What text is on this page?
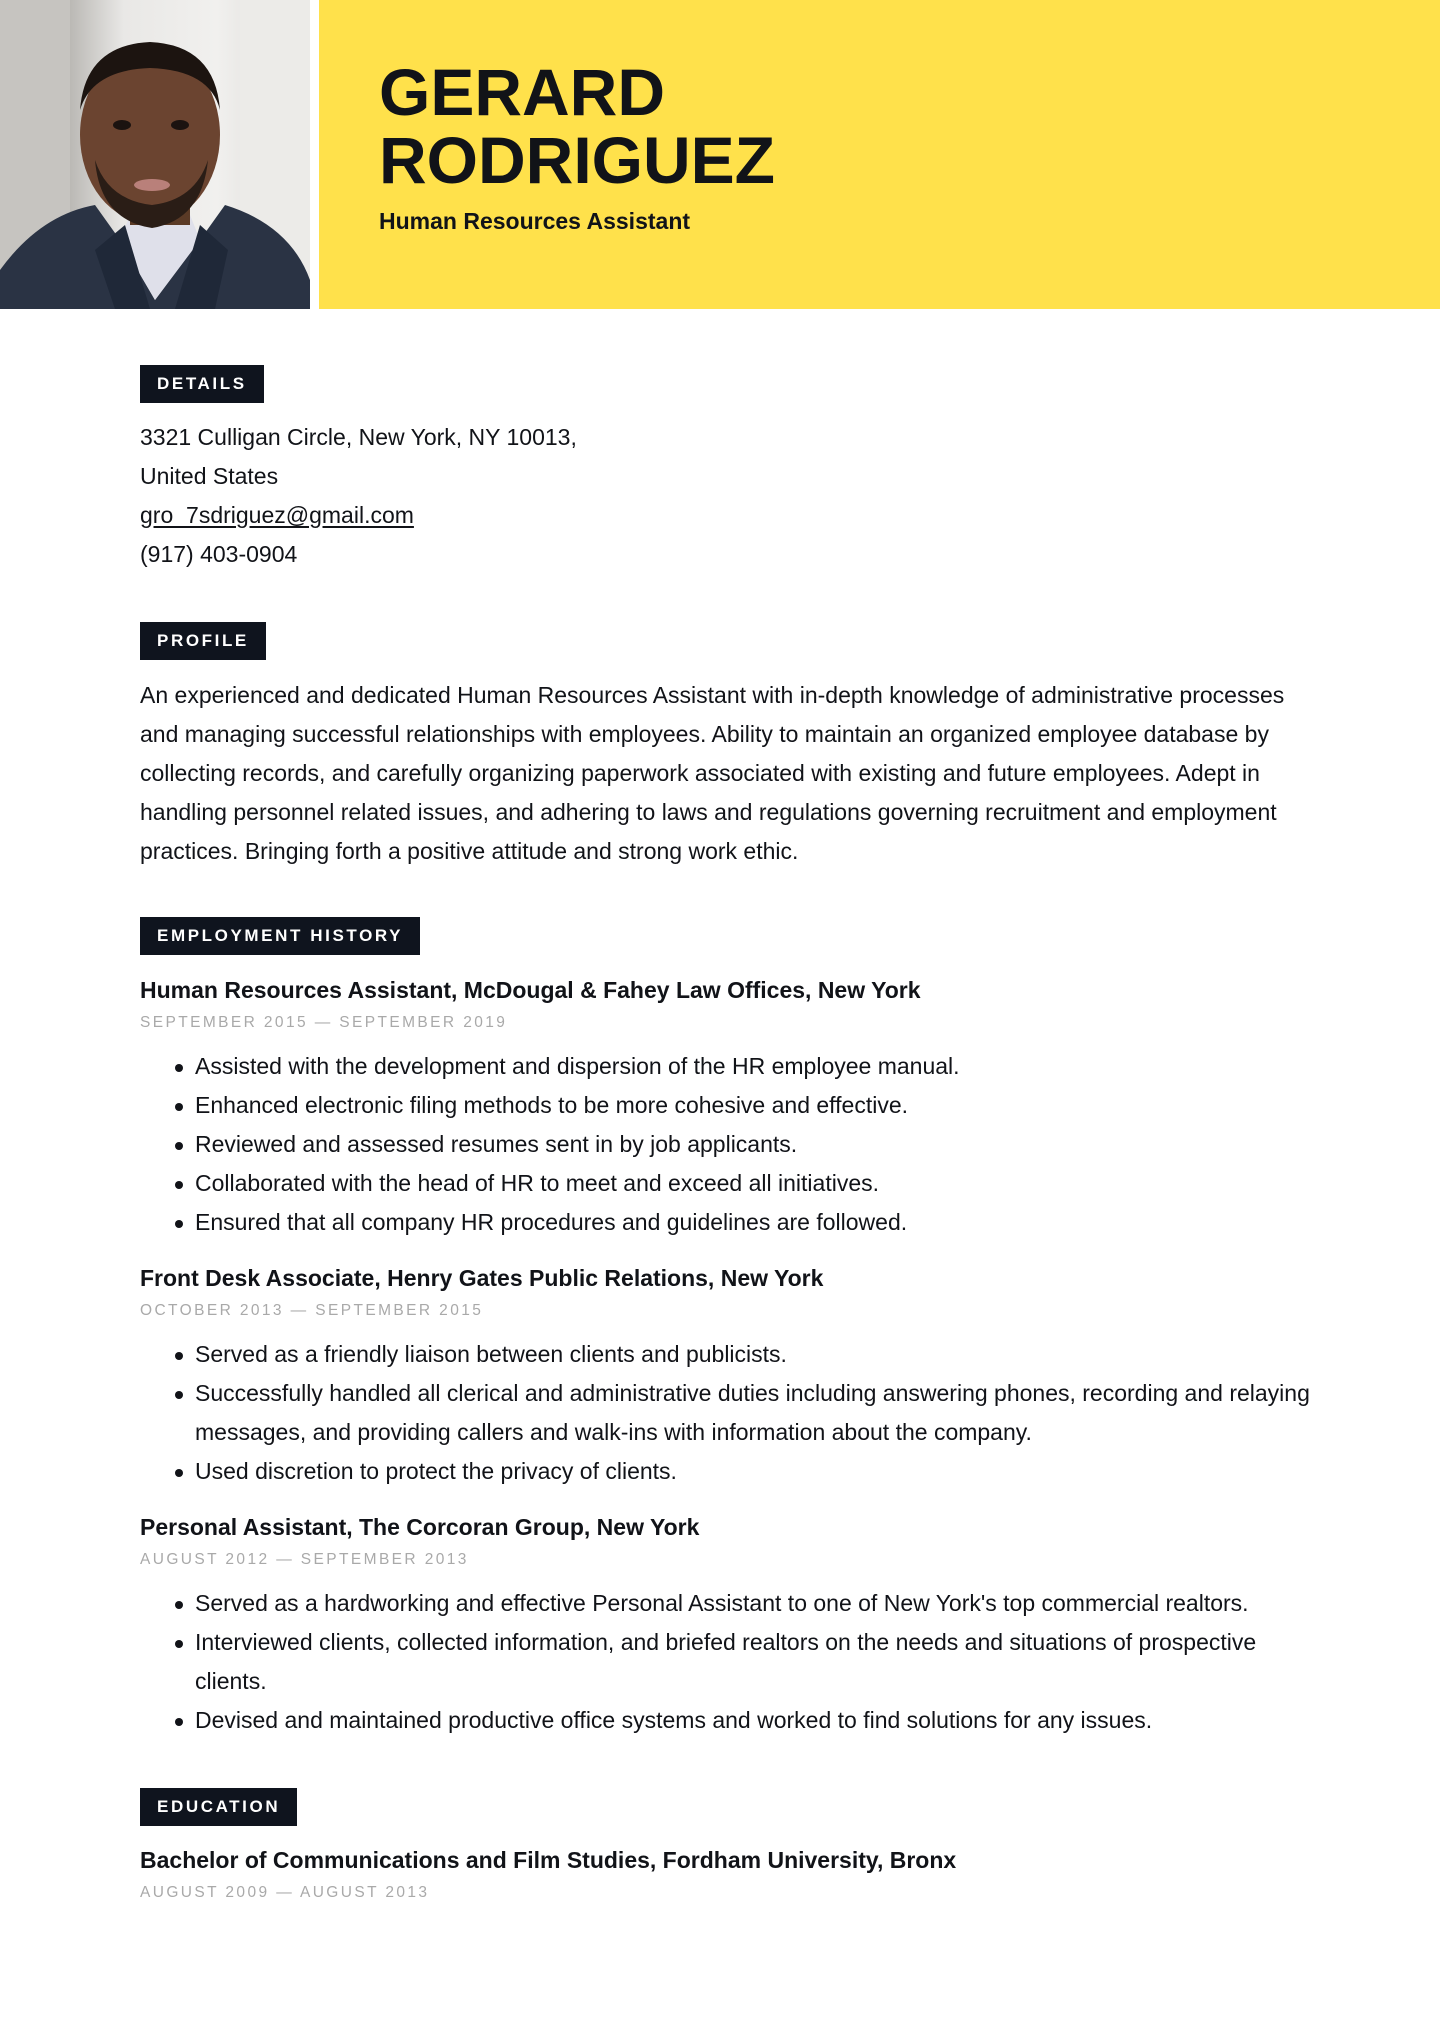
GERARD
RODRIGUEZ
Human Resources Assistant
DETAILS
3321 Culligan Circle, New York, NY 10013,
United States
gro_7sdriguez@gmail.com
(917) 403-0904
PROFILE
An experienced and dedicated Human Resources Assistant with in-depth knowledge of administrative processes and managing successful relationships with employees. Ability to maintain an organized employee database by collecting records, and carefully organizing paperwork associated with existing and future employees. Adept in handling personnel related issues, and adhering to laws and regulations governing recruitment and employment practices. Bringing forth a positive attitude and strong work ethic.
EMPLOYMENT HISTORY
Human Resources Assistant, McDougal & Fahey Law Offices, New York
SEPTEMBER 2015 — SEPTEMBER 2019
Assisted with the development and dispersion of the HR employee manual.
Enhanced electronic filing methods to be more cohesive and effective.
Reviewed and assessed resumes sent in by job applicants.
Collaborated with the head of HR to meet and exceed all initiatives.
Ensured that all company HR procedures and guidelines are followed.
Front Desk Associate, Henry Gates Public Relations, New York
OCTOBER 2013 — SEPTEMBER 2015
Served as a friendly liaison between clients and publicists.
Successfully handled all clerical and administrative duties including answering phones, recording and relaying messages, and providing callers and walk-ins with information about the company.
Used discretion to protect the privacy of clients.
Personal Assistant, The Corcoran Group, New York
AUGUST 2012 — SEPTEMBER 2013
Served as a hardworking and effective Personal Assistant to one of New York's top commercial realtors.
Interviewed clients, collected information, and briefed realtors on the needs and situations of prospective clients.
Devised and maintained productive office systems and worked to find solutions for any issues.
EDUCATION
Bachelor of Communications and Film Studies, Fordham University, Bronx
AUGUST 2009 — AUGUST 2013
